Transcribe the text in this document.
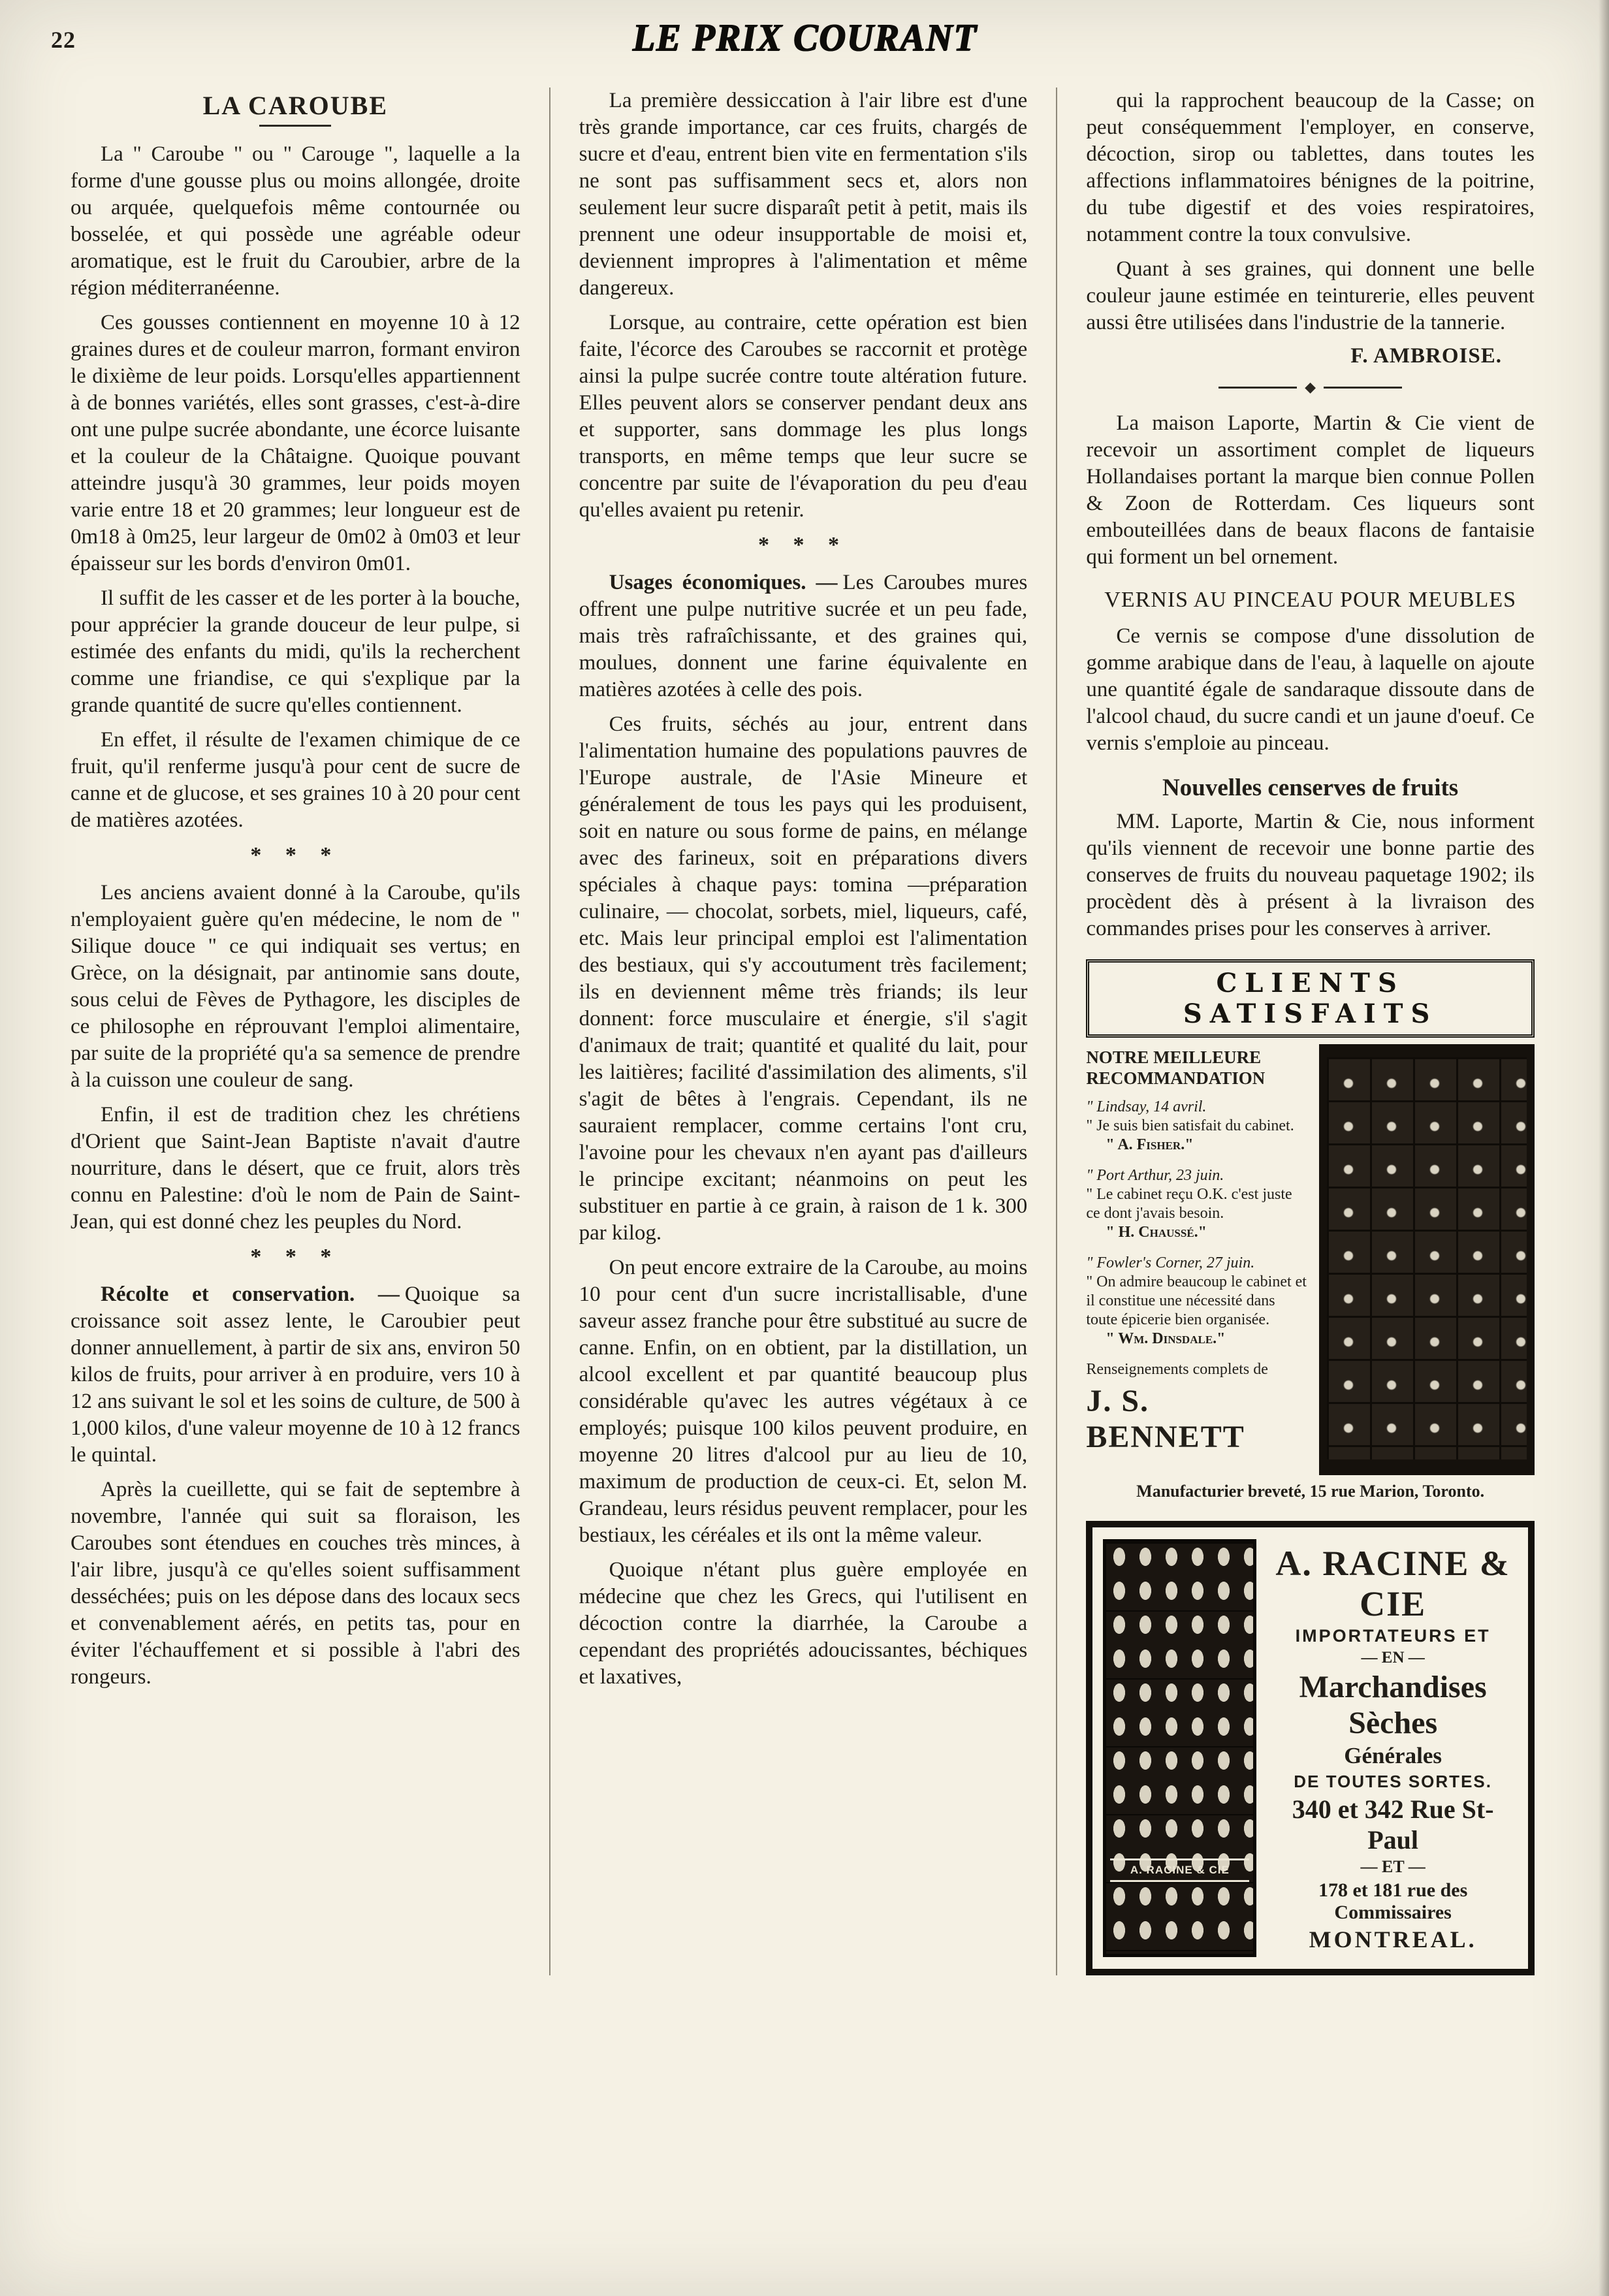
22	LE PRIX COURANT
LA CAROUBE

La " Caroube " ou " Carouge ", laquelle a la forme d'une gousse plus ou moins allongée, droite ou arquée, quelquefois même contournée ou bosselée, et qui possède une agréable odeur aromatique, est le fruit du Caroubier, arbre de la région méditerranéenne.

Ces gousses contiennent en moyenne 10 à 12 graines dures et de couleur marron, formant environ le dixième de leur poids. Lorsqu'elles appartiennent à de bonnes variétés, elles sont grasses, c'est-à-dire ont une pulpe sucrée abondante, une écorce luisante et la couleur de la Châtaigne. Quoique pouvant atteindre jusqu'à 30 grammes, leur poids moyen varie entre 18 et 20 grammes; leur longueur est de 0m18 à 0m25, leur largeur de 0m02 à 0m03 et leur épaisseur sur les bords d'environ 0m01.

Il suffit de les casser et de les porter à la bouche, pour apprécier la grande douceur de leur pulpe, si estimée des enfants du midi, qu'ils la recherchent comme une friandise, ce qui s'explique par la grande quantité de sucre qu'elles contiennent.

En effet, il résulte de l'examen chimique de ce fruit, qu'il renferme jusqu'à pour cent de sucre de canne et de glucose, et ses graines 10 à 20 pour cent de matières azotées.

* * *

Les anciens avaient donné à la Caroube, qu'ils n'employaient guère qu'en médecine, le nom de " Silique douce " ce qui indiquait ses vertus; en Grèce, on la désignait, par antinomie sans doute, sous celui de Fèves de Pythagore, les disciples de ce philosophe en réprouvant l'emploi alimentaire, par suite de la propriété qu'a sa semence de prendre à la cuisson une couleur de sang.

Enfin, il est de tradition chez les chrétiens d'Orient que Saint-Jean Baptiste n'avait d'autre nourriture, dans le désert, que ce fruit, alors très connu en Palestine: d'où le nom de Pain de Saint-Jean, qui est donné chez les peuples du Nord.

* * *

Récolte et conservation. — Quoique sa croissance soit assez lente, le Caroubier peut donner annuellement, à partir de six ans, environ 50 kilos de fruits, pour arriver à en produire, vers 10 à 12 ans suivant le sol et les soins de culture, de 500 à 1,000 kilos, d'une valeur moyenne de 10 à 12 francs le quintal.

Après la cueillette, qui se fait de septembre à novembre, l'année qui suit sa floraison, les Caroubes sont étendues en couches très minces, à l'air libre, jusqu'à ce qu'elles soient suffisamment desséchées; puis on les dépose dans des locaux secs et convenablement aérés, en petits tas, pour en éviter l'échauffement et si possible à l'abri des rongeurs.

La première dessiccation à l'air libre est d'une très grande importance, car ces fruits, chargés de sucre et d'eau, entrent bien vite en fermentation s'ils ne sont pas suffisamment secs et, alors non seulement leur sucre disparaît petit à petit, mais ils prennent une odeur insupportable de moisi et, deviennent impropres à l'alimentation et même dangereux.

Lorsque, au contraire, cette opération est bien faite, l'écorce des Caroubes se raccornit et protège ainsi la pulpe sucrée contre toute altération future. Elles peuvent alors se conserver pendant deux ans et supporter, sans dommage les plus longs transports, en même temps que leur sucre se concentre par suite de l'évaporation du peu d'eau qu'elles avaient pu retenir.

* * *

Usages économiques. — Les Caroubes mures offrent une pulpe nutritive sucrée et un peu fade, mais très rafraîchissante, et des graines qui, moulues, donnent une farine équivalente en matières azotées à celle des pois.

Ces fruits, séchés au jour, entrent dans l'alimentation humaine des populations pauvres de l'Europe australe, de l'Asie Mineure et généralement de tous les pays qui les produisent, soit en nature ou sous forme de pains, en mélange avec des farineux, soit en préparations divers spéciales à chaque pays: tomina —préparation culinaire, — chocolat, sorbets, miel, liqueurs, café, etc. Mais leur principal emploi est l'alimentation des bestiaux, qui s'y accoutument très facilement; ils en deviennent même très friands; ils leur donnent: force musculaire et énergie, s'il s'agit d'animaux de trait; quantité et qualité du lait, pour les laitières; facilité d'assimilation des aliments, s'il s'agit de bêtes à l'engrais. Cependant, ils ne sauraient remplacer, comme certains l'ont cru, l'avoine pour les chevaux n'en ayant pas d'ailleurs le principe excitant; néanmoins on peut les substituer en partie à ce grain, à raison de 1 k. 300 par kilog.

On peut encore extraire de la Caroube, au moins 10 pour cent d'un sucre incristallisable, d'une saveur assez franche pour être substitué au sucre de canne. Enfin, on en obtient, par la distillation, un alcool excellent et par quantité beaucoup plus considérable qu'avec les autres végétaux à ce employés; puisque 100 kilos peuvent produire, en moyenne 20 litres d'alcool pur au lieu de 10, maximum de production de ceux-ci. Et, selon M. Grandeau, leurs résidus peuvent remplacer, pour les bestiaux, les céréales et ils ont la même valeur.

Quoique n'étant plus guère employée en médecine que chez les Grecs, qui l'utilisent en décoction contre la diarrhée, la Caroube a cependant des propriétés adoucissantes, béchiques et laxatives,

qui la rapprochent beaucoup de la Casse; on peut conséquemment l'employer, en conserve, décoction, sirop ou tablettes, dans toutes les affections inflammatoires bénignes de la poitrine, du tube digestif et des voies respiratoires, notamment contre la toux convulsive.

Quant à ses graines, qui donnent une belle couleur jaune estimée en teinturerie, elles peuvent aussi être utilisées dans l'industrie de la tannerie.

F. AMBROISE.
◆

La maison Laporte, Martin & Cie vient de recevoir un assortiment complet de liqueurs Hollandaises portant la marque bien connue Pollen & Zoon de Rotterdam. Ces liqueurs sont embouteillées dans de beaux flacons de fantaisie qui forment un bel ornement.

VERNIS AU PINCEAU POUR MEUBLES

Ce vernis se compose d'une dissolution de gomme arabique dans de l'eau, à laquelle on ajoute une quantité égale de sandaraque dissoute dans de l'alcool chaud, du sucre candi et un jaune d'oeuf. Ce vernis s'emploie au pinceau.

Nouvelles censerves de fruits

MM. Laporte, Martin & Cie, nous informent qu'ils viennent de recevoir une bonne partie des conserves de fruits du nouveau paquetage 1902; ils procèdent dès à présent à la livraison des commandes prises pour les conserves à arriver.

CLIENTS SATISFAITS
NOTRE MEILLEURE RECOMMANDATION
" Lindsay, 14 avril.
" Je suis bien satisfait du cabinet.
" A. Fisher."
" Port Arthur, 23 juin.
" Le cabinet reçu O.K. c'est juste ce dont j'avais besoin.
" H. Chaussé."
" Fowler's Corner, 27 juin.
" On admire beaucoup le cabinet et il constitue une nécessité dans toute épicerie bien organisée.
" Wm. Dinsdale."
Renseignements complets de
J. S. BENNETT
Manufacturier breveté, 15 rue Marion, Toronto.
A. RACINE & CIE
A. RACINE & CIE
IMPORTATEURS ET
— EN —
Marchandises Sèches
Générales
DE TOUTES SORTES.
340 et 342 Rue St-Paul
— ET —
178 et 181 rue des Commissaires
MONTREAL.
